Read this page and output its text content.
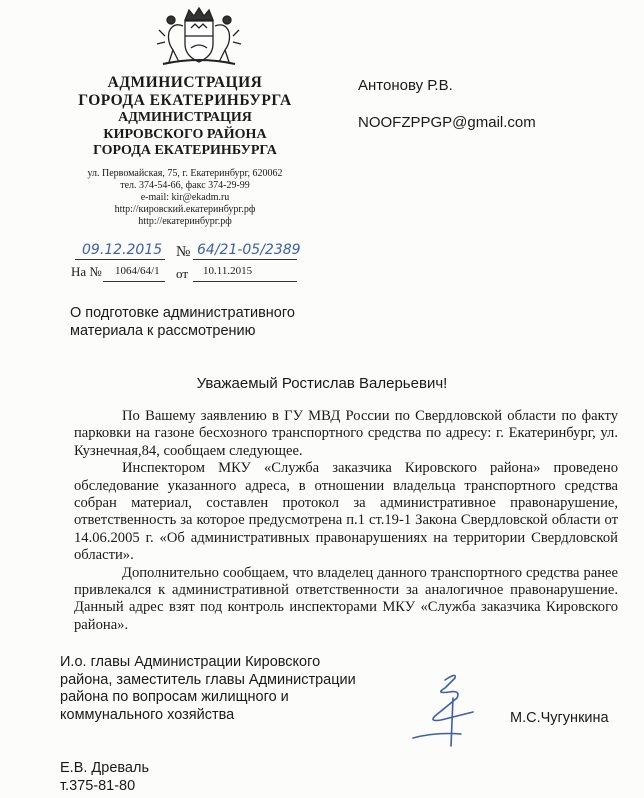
АДМИНИСТРАЦИЯ
ГОРОДА ЕКАТЕРИНБУРГА
АДМИНИСТРАЦИЯ
КИРОВСКОГО РАЙОНА
ГОРОДА ЕКАТЕРИНБУРГА
ул. Первомайская, 75, г. Екатеринбург, 620062
тел. 374-54-66, факс 374-29-99
e-mail: kir@ekadm.ru
http://кировский.екатеринбург.рф
http://екатеринбург.рф
Антонову Р.В.
NOOFZPPGP@gmail.com
09.12.2015 № 64/21-05/2389
На № 1064/64/1 от 10.11.2015
О подготовке административного
материала к рассмотрению
Уважаемый Ростислав Валерьевич!

По Вашему заявлению в ГУ МВД России по Свердловской области по факту парковки на газоне бесхозного транспортного средства по адресу: г. Екатеринбург, ул. Кузнечная,84, сообщаем следующее.

Инспектором МКУ «Служба заказчика Кировского района» проведено обследование указанного адреса, в отношении владельца транспортного средства собран материал, составлен протокол за административное правонарушение, ответственность за которое предусмотрена п.1 ст.19-1 Закона Свердловской области от 14.06.2005 г. «Об административных правонарушениях на территории Свердловской области».

Дополнительно сообщаем, что владелец данного транспортного средства ранее привлекался к административной ответственности за аналогичное правонарушение. Данный адрес взят под контроль инспекторами МКУ «Служба заказчика Кировского района».

И.о. главы Администрации Кировского
района, заместитель главы Администрации
района по вопросам жилищного и
коммунального хозяйства	М.С.Чугункина
Е.В. Древаль
т.375-81-80
